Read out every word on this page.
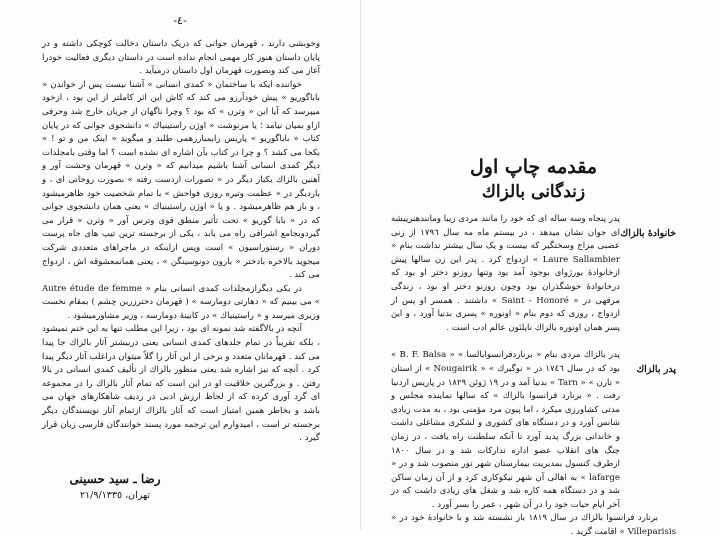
-٤-

وخوبشی دارند ، قهرمان جوانی که دریک داستان دخالت کوچکی داشته و در پایان داستان هنوز کار مهمی انجام نداده است در داستان دیگری فعالیت خودرا آغاز می کند وبصورت قهرمان اول داستان درمیآید .

خواننده ایکه با ساختمان « کمدی انسانی » آشنا نیست پس از خواندن « باباگوریو » پیش خودآرزو می کند که کاش این اثر کاملتر از این بود ، ازخود میپرسد که آیا این « وترن » که بود ؟ وچرا ناگهان از جریان خارج شد وحرفی ازاو بمیان نیامد ؛ یا مرنوشت « اوژن راستینیاك » دانشجوی جوانی که در پایان کتاب « باباگوریو » پاریس رابمبارزهمی طلبد و میگوید « اینک من و تو ! » بکجا می کشد ؟ و چرا در کتاب بآن اشاره ای نشده است ؟ اما وقتی بامجلدات دیگر کمدی انسانی آشنا باشیم میدانیم که « وترن » قهرمان وحشت آور و آهنین بالزاك یکبار دیگر در « تصورات ازدست رفته » بصورت روحانی ای ، و باردیگر در « عظمت وتیره روزی فواحش » با تمام شخصیت خود ظاهرمیشود ، و باز هم ظاهرمیشود . و یا « اوژن راستینیاك » یعنی همان دانشجوی جوانی که در « بابا گوریو » تحت تأثیر منطق قوی وترس آور « وترن » قرار می گیردوبجامع اشرافی راه می یابد ، یکی از برجسته ترین تیپ های جاه پرست دوران « رستوراسیون » است وپس ازاینکه در ماجراهای متعددی شرکت میجوید بالاخره بادختر « بارون دونوسینگن » ، یعنی همانمعشوقه اش ، ازدواج می کند .

در یکی دیگرازمجلدات کمدی انسانی بنام « Autre étude de femme » می بینیم که « دهارتی دومارسه » ( قهرمان دخترزرین چشم ) بمقام نخست وزیری میرسد و « راستینیاك » در کابینهٔ دومارسه ، وزیر مشاورمیشود .

آنچه در بالاگفته شد نمونه ای بود ، زیرا این مطلب تنها به این ختم نمیشود ، بلکه تقریباً در تمام جلدهای کمدی انسانی یعنی دربیشتر آثار بالزاك جا پیدا می کند . قهرمانان متعدد و برخی از این آثار را گلاً میتوان دراغلب آثار دیگر پیدا کرد . آنچه که نیز اشاره شد یعنی منظور بالزاك از تألیف کمدی انسانی در بالا رفتن . و بزرگترین خلاقیت او در این است که تمام آثار بالزاك را در مجموعه ای گرد آوری کرده که از لحاظ ارزش ادبی در ردیف شاهکارهای جهان می باشد و بخاطر همین امتیاز است که آثار بالزاك ازتمام آثار نویسندگان دیگر برجسته تر است ، امیدوارم این ترجمه مورد پسند خوانندگان فارسی زبان قرار گیرد .

رضا ـ سید حسینی
تهران، ٢١/٩/١٣٣٥
مقدمه چاپ اول
زندگانی بالزاك
خانوادهٔ بالزاك

پدر پنجاه وسه ساله ای که خود را مانند مردی زیبا ومانندهنرپیشه ای جوان نشان میدهد ، در بیستم ماه مه سال ۱۷۹٦ از زنی عصبی مزاج وسختگیر که بیست و یک سال بیشتر نداشت بنام « Laure Sallambier » ازدواج کرد . پدر این زن سالها پیش ازخانوادهٔ بورژوای بوجود آمد بود وتنها روزنو دختر او بود که درخانوادهٔ خوشگذران بود وچون روزنو دختر او بود ، زندگی مرفهی در « Saint - Honoré » داشتند . همسر او پس از ازدواج ، روزی که دوم بنام « اونوره » پسری بدنیا آورد ، و این پسر همان اونوره بالزاك ناپلئون عالم ادب است .

پدر بالزاك

پدر بالزاك مردی بنام « برناردفرانسوابالسا » « B. F. Balsa » بود که در سال ۱۷٤٦ در « نوگیرك » « Nougairik » از استان « تارن » « Tarn » بدنیا آمد و در ۱۹ ژوئن ۱۸۲۹ در پاریس ازدنیا رفت . « برنارد فرانسوا بالزاك » که سالها نماینده مجلس و مدتی کشاورزی میکرد ، اما پیون مرد مؤمنی بود ، به مدت زیادی شانس آورد و در دستگاه های کشوری و لشکری مشاغلی داشت و خاندانی بزرگ پدید آورد تا آنکه سلطنت راه یافت ، در زمان جنگ های انقلاب عضو اداره تدارکات شد و در سال ۱۸۰۰ ازطرف کنسول بمدیریت بیمارستان شهر تور منصوب شد و در « lafarge » به اهالی آن شهر نیکوکاری کرد و از آن زمان ساکن شد و در دستگاه همه کاره شد و شغل های زیادی داشت که در آخر ایام حیات خود را در آن شهر ، عمر را بسر آورد .

برنارد فرانسوا بالزاك در سال ۱۸۱۹ باز نشسته شد و با خانوادهٔ خود در « Villeparisis » اقامت گزید .
